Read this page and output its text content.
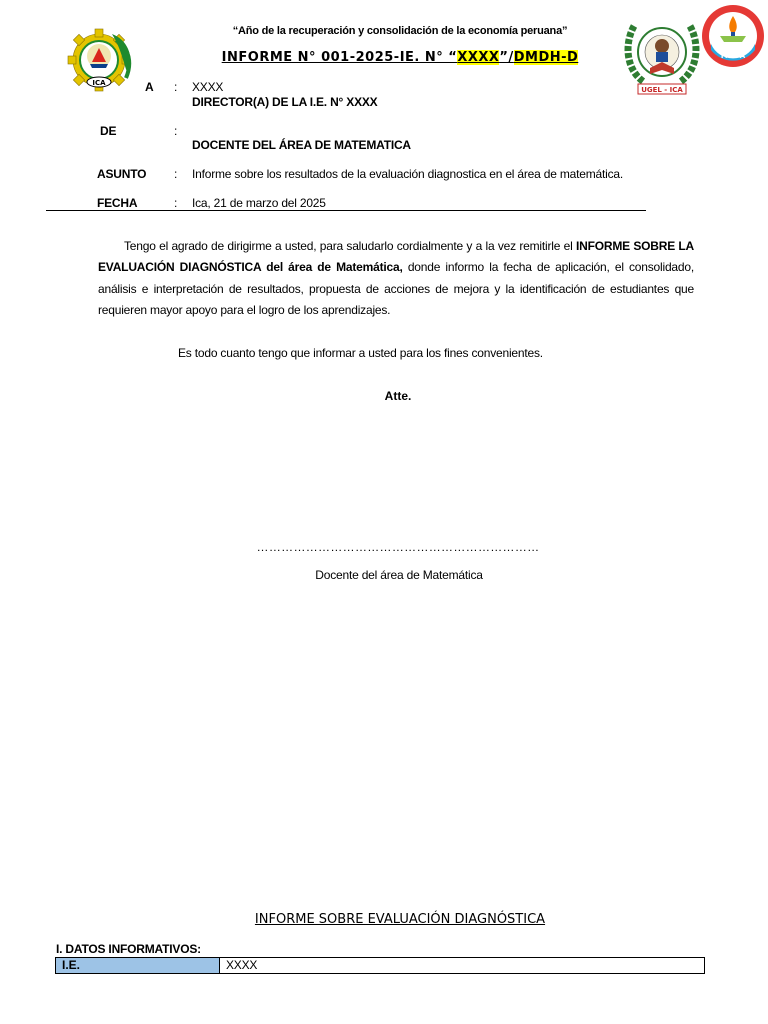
“Año de la recuperación y consolidación de la economía peruana”
INFORME N° 001-2025-IE. N° “XXXX”/DMDH-D
ICA
UGEL - ICA
PALPA
A : XXXX
DIRECTOR(A) DE LA I.E. N° XXXX
DE	:
DOCENTE DEL ÁREA DE MATEMATICA
ASUNTO : Informe sobre los resultados de la evaluación diagnostica en el área de matemática.
FECHA	: Ica, 21 de marzo del 2025
Tengo el agrado de dirigirme a usted, para saludarlo cordialmente y a la vez remitirle el INFORME SOBRE LA EVALUACIÓN DIAGNÓSTICA del área de Matemática, donde informo la fecha de aplicación, el consolidado, análisis e interpretación de resultados, propuesta de acciones de mejora y la identificación de estudiantes que requieren mayor apoyo para el logro de los aprendizajes.
Es todo cuanto tengo que informar a usted para los fines convenientes.
Atte.
……………………………………………………………
Docente del área de Matemática
INFORME SOBRE EVALUACIÓN DIAGNÓSTICA
I. DATOS INFORMATIVOS:
I.E.	XXXX
